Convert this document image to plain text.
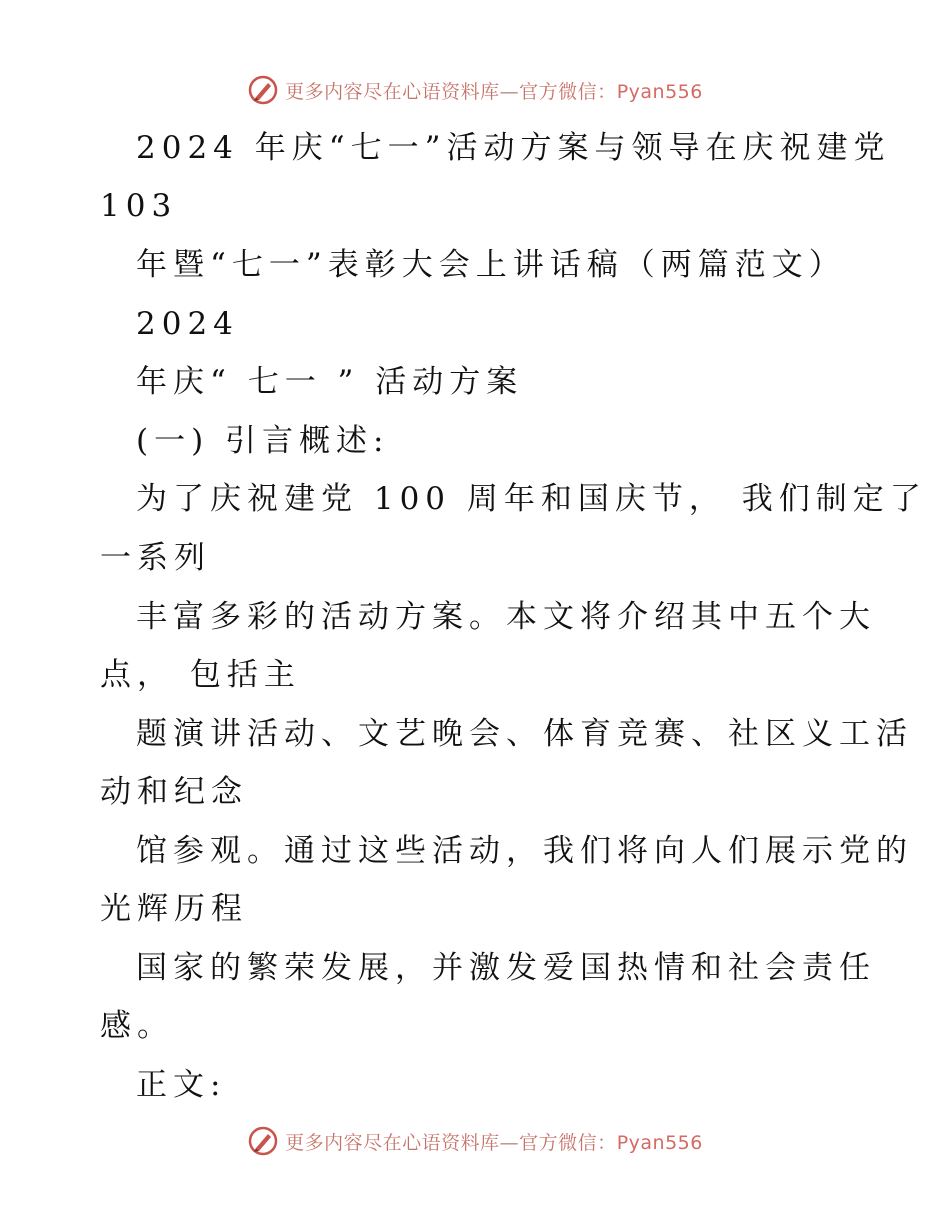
更多内容尽在心语资料库—官方微信：Pyan556
2024 年庆“七一”活动方案与领导在庆祝建党
103
年暨“七一”表彰大会上讲话稿（两篇范文）
2024
年庆“ 七一 ” 活动方案
(一) 引言概述:
为了庆祝建党 100 周年和国庆节， 我们制定了
一系列
丰富多彩的活动方案。本文将介绍其中五个大
点， 包括主
题演讲活动、文艺晚会、体育竞赛、社区义工活
动和纪念
馆参观。通过这些活动，我们将向人们展示党的
光辉历程
国家的繁荣发展，并激发爱国热情和社会责任
感。
正文:
更多内容尽在心语资料库—官方微信：Pyan556
